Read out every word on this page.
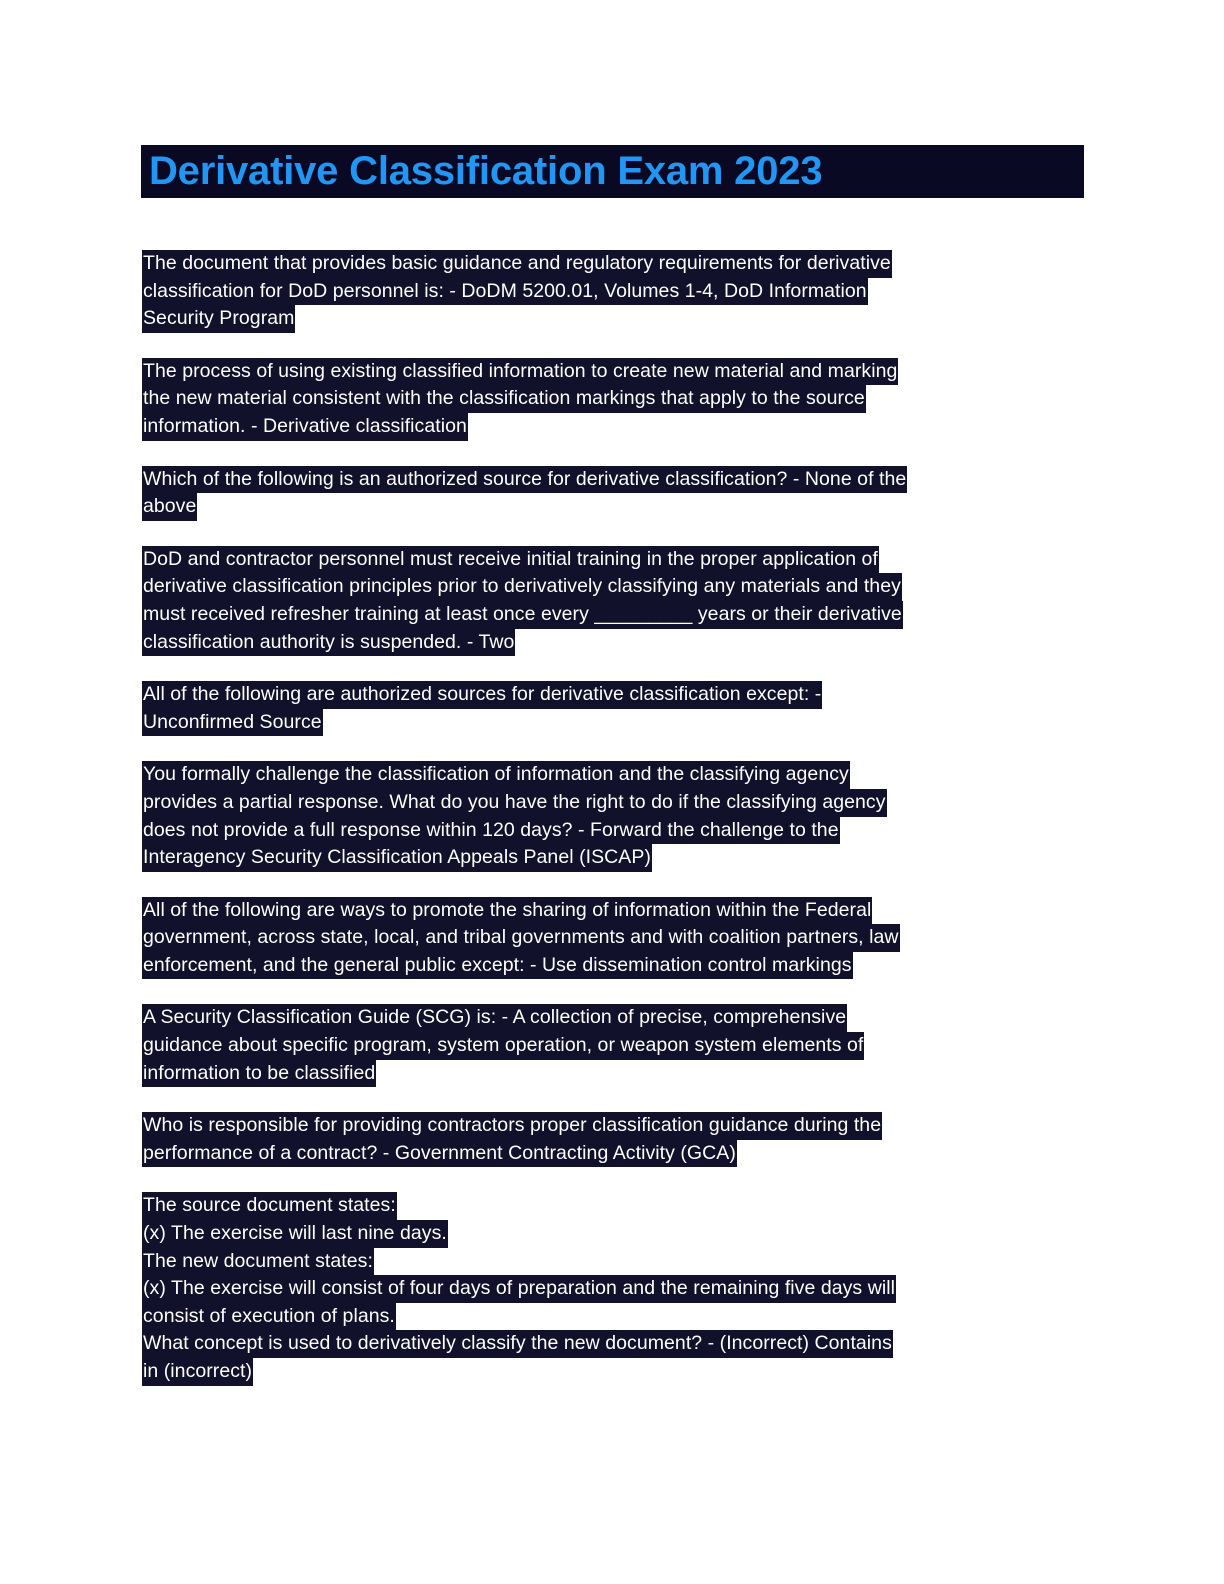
Derivative Classification Exam 2023
The document that provides basic guidance and regulatory requirements for derivative
classification for DoD personnel is: - DoDM 5200.01, Volumes 1-4, DoD Information
Security Program
The process of using existing classified information to create new material and marking
the new material consistent with the classification markings that apply to the source
information. - Derivative classification
Which of the following is an authorized source for derivative classification? - None of the
above
DoD and contractor personnel must receive initial training in the proper application of
derivative classification principles prior to derivatively classifying any materials and they
must received refresher training at least once every _________ years or their derivative
classification authority is suspended. - Two
All of the following are authorized sources for derivative classification except: -
Unconfirmed Source
You formally challenge the classification of information and the classifying agency
provides a partial response. What do you have the right to do if the classifying agency
does not provide a full response within 120 days? - Forward the challenge to the
Interagency Security Classification Appeals Panel (ISCAP)
All of the following are ways to promote the sharing of information within the Federal
government, across state, local, and tribal governments and with coalition partners, law
enforcement, and the general public except: - Use dissemination control markings
A Security Classification Guide (SCG) is: - A collection of precise, comprehensive
guidance about specific program, system operation, or weapon system elements of
information to be classified
Who is responsible for providing contractors proper classification guidance during the
performance of a contract? - Government Contracting Activity (GCA)
The source document states:
(x) The exercise will last nine days.
The new document states:
(x) The exercise will consist of four days of preparation and the remaining five days will
consist of execution of plans.
What concept is used to derivatively classify the new document? - (Incorrect) Contains
in (incorrect)
